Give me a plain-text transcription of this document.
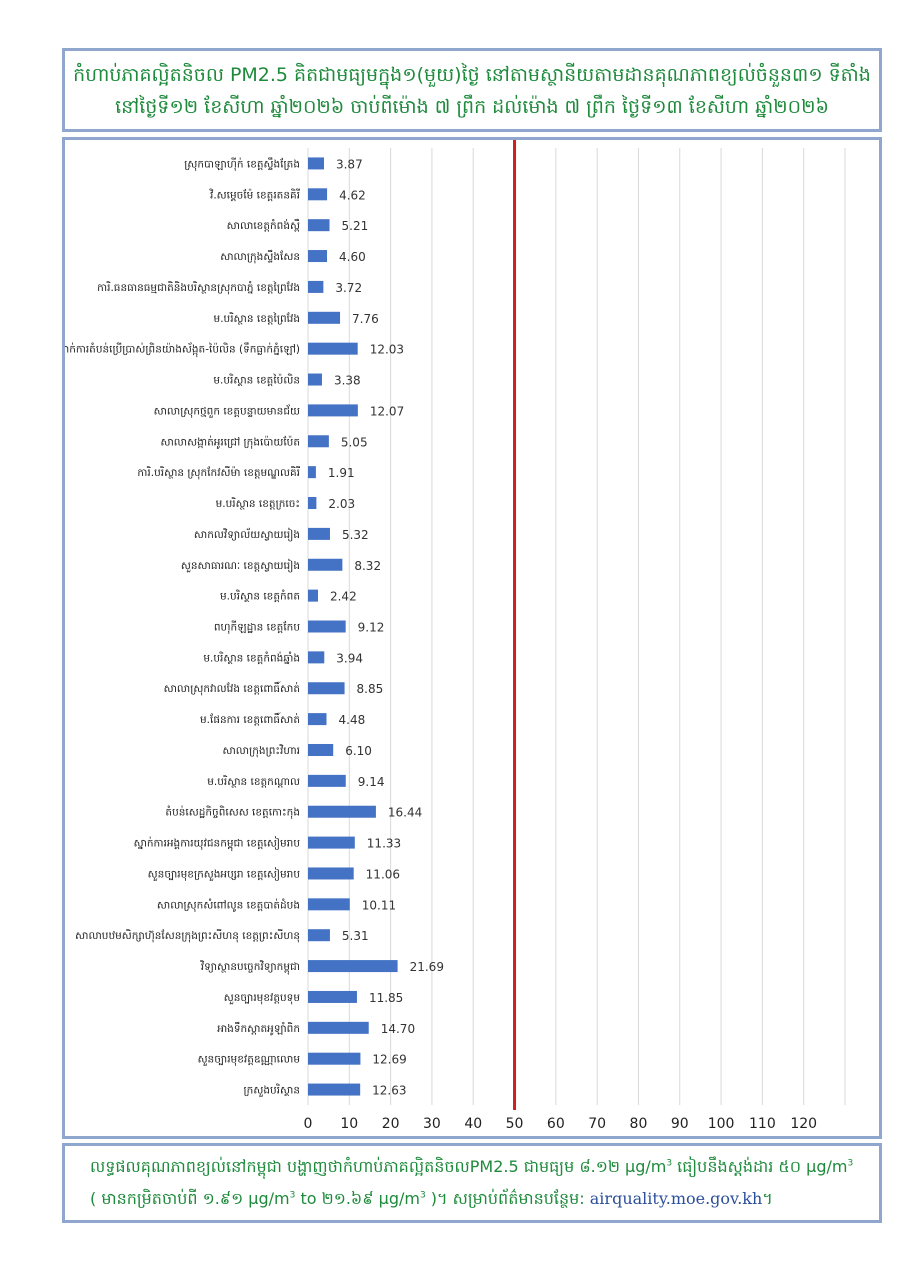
កំហាប់ភាគល្អិតនិចល PM2.5 គិតជាមធ្យមក្នុង១(មួយ)ថ្ងៃ នៅតាមស្ថានីយតាមដានគុណភាពខ្យល់ចំនួន៣១ ទីតាំង
នៅថ្ងៃទី១២ ខែសីហា ឆ្នាំ២០២៦ ចាប់ពីម៉ោង ៧ ព្រឹក ដល់ម៉ោង ៧ ព្រឹក ថ្ងៃទី១៣ ខែសីហា ឆ្នាំ២០២៦
ស្រុកបាឡាហ៊ីក់ ខេត្តស្ទឹងត្រែង
វិ.សម្ដេចម៉ែ ខេត្តរតនគិរី
សាលាខេត្តកំពង់ស្ពឺ
សាលាក្រុងស្ទឹងសែន
ការិ.ធនធានធម្មជាតិនិងបរិស្ថានស្រុកបាភ្នំ ខេត្តព្រៃវែង
ម.បរិស្ថាន ខេត្តព្រៃវែង
ស្នាក់ការតំបន់ប្រើប្រាស់ព្រិនយ៉ាងស័ង្កុត-ប៉ៃលិន (ទឹកធ្លាក់ភ្នំឡៅ)
ម.បរិស្ថាន ខេត្តប៉ៃលិន
សាលាស្រុកថ្មពួក ខេត្តបន្ទាយមានជ័យ
សាលាសង្កាត់អូរជ្រៅ ក្រុងប៉ោយប៉ែត
ការិ.បរិស្ថាន ស្រុកកែវសីម៉ា ខេត្តមណ្ឌលគិរី
ម.បរិស្ថាន ខេត្តក្រចេះ
សាកលវិទ្យាល័យស្វាយរៀង
សួនសាធារណៈ ខេត្តស្វាយរៀង
ម.បរិស្ថាន ខេត្តកំពត
ពហុកីឡដ្ឋាន ខេត្តកែប
ម.បរិស្ថាន ខេត្តកំពង់ឆ្នាំង
សាលាស្រុកវាលវែង ខេត្តពោធិ៍សាត់
ម.ផែនការ ខេត្តពោធិ៍សាត់
សាលាក្រុងព្រះវិហារ
ម.បរិស្ថាន ខេត្តកណ្ដាល
តំបន់សេដ្ឋកិច្ចពិសេស ខេត្តកោះកុង
ស្នាក់ការអង្គការយុវជនកម្ពុជា ខេត្តសៀមរាប
សួនច្បារមុខក្រសួងអប្សរា ខេត្តសៀមរាប
សាលាស្រុកសំពៅលូន ខេត្តបាត់ដំបង
សាលាបឋមសិក្សាហ៊ុនសែនក្រុងព្រះសីហនុ ខេត្តព្រះសីហនុ
វិទ្យាស្ថានបច្ចេកវិទ្យាកម្ពុជា
សួនច្បារមុខវត្តបទុម
អាងទឹកស្តាតអូឡាំពិក
សួនច្បារមុខវត្តឧណ្ណាលោម
ក្រសួងបរិស្ថាន
3.87
4.62
5.21
4.60
3.72
7.76
12.03
3.38
12.07
5.05
1.91
2.03
5.32
8.32
2.42
9.12
3.94
8.85
4.48
6.10
9.14
16.44
11.33
11.06
10.11
5.31
21.69
11.85
14.70
12.69
12.63
0 10 20 30 40 50 60 70 80 90 100 110 120
លទ្ធផលគុណភាពខ្យល់នៅកម្ពុជា បង្ហាញថាកំហាប់ភាគល្អិតនិចលPM2.5 ជាមធ្យម ៨.១២ $\mu g/m^3$ ធៀបនឹងស្តង់ដារ ៥០ $\mu g/m^3$
( មានកម្រិតចាប់ពី ១.៩១ $\mu g/m^3$ to ២១.៦៩ $\mu g/m^3$ )។ សម្រាប់ព័ត៌មានបន្ថែម: airquality.moe.gov.kh។
